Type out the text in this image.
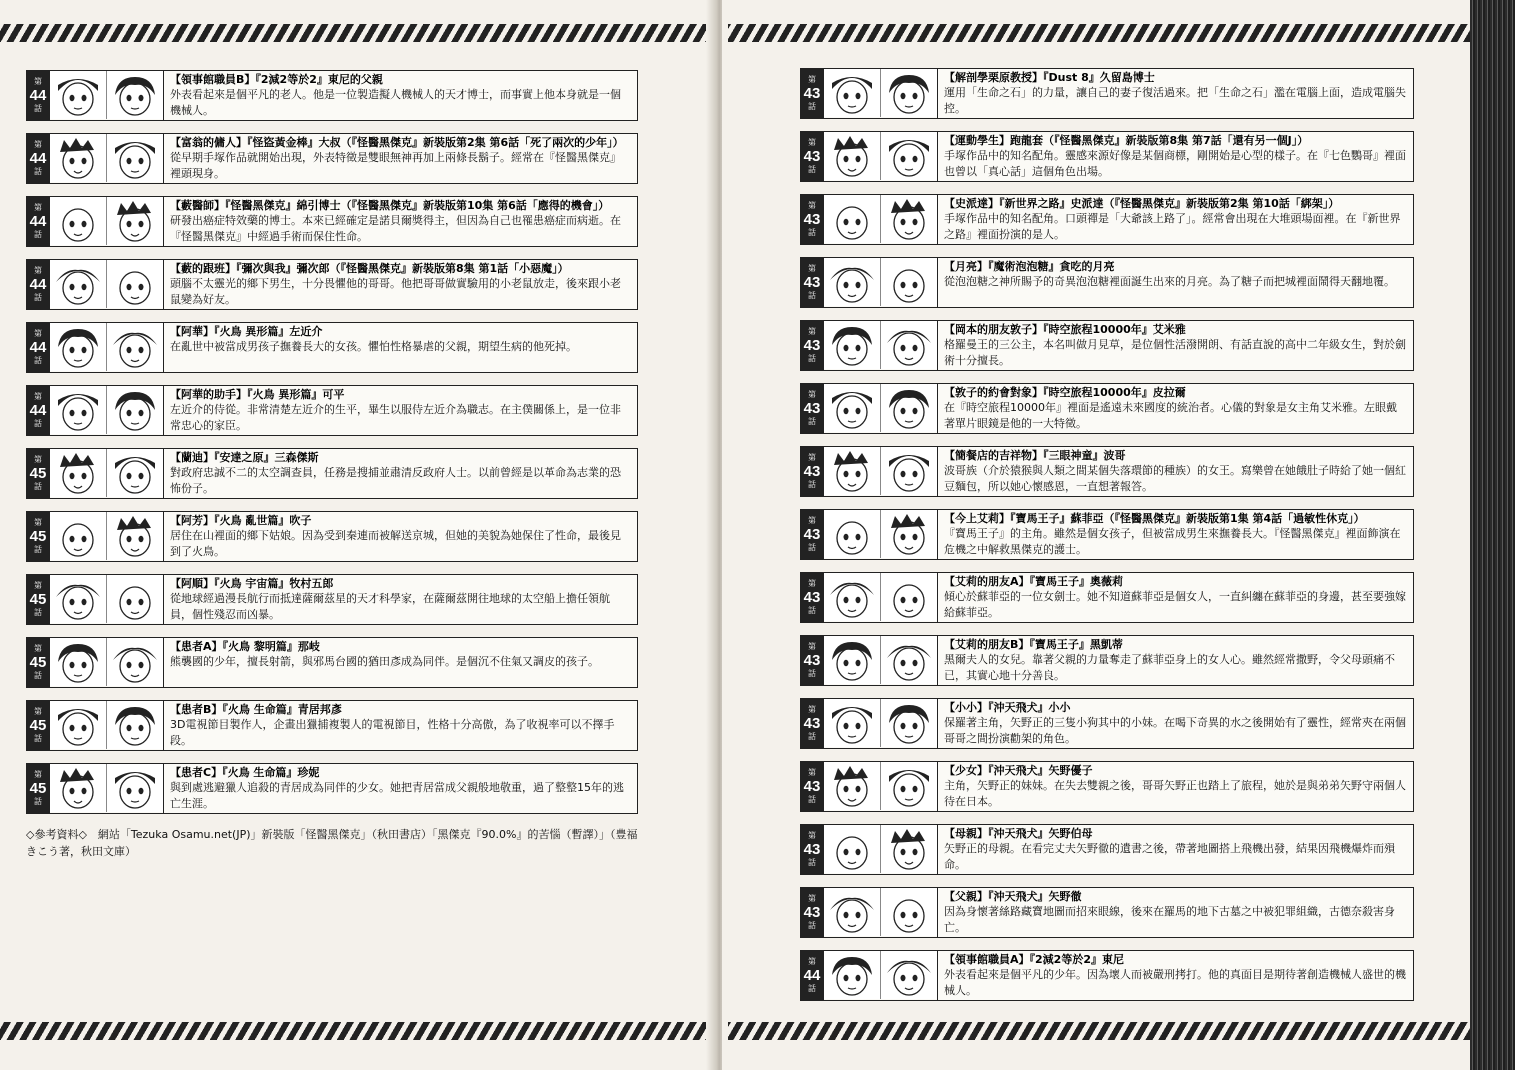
第
44
話
【領事館職員B】『2減2等於2』東尼的父親
外表看起來是個平凡的老人。他是一位製造擬人機械人的天才博士，而事實上他本身就是一個機械人。
第
44
話
【富翁的傭人】『怪盜黃金棒』大叔（『怪醫黑傑克』新裝版第2集 第6話「死了兩次的少年」）
從早期手塚作品就開始出現，外表特徵是雙眼無神再加上兩條長鬍子。經常在『怪醫黑傑克』裡頭現身。
第
44
話
【藪醫師】『怪醫黑傑克』綿引博士（『怪醫黑傑克』新裝版第10集 第6話「應得的機會」）
研發出癌症特效藥的博士。本來已經確定是諾貝爾獎得主，但因為自己也罹患癌症而病逝。在『怪醫黑傑克』中經過手術而保住性命。
第
44
話
【藪的跟班】『彌次與我』彌次郎（『怪醫黑傑克』新裝版第8集 第1話「小惡魔」）
頭腦不太靈光的鄉下男生，十分畏懼他的哥哥。他把哥哥做實驗用的小老鼠放走，後來跟小老鼠變為好友。
第
44
話
【阿華】『火鳥 異形篇』左近介
在亂世中被當成男孩子撫養長大的女孩。懼怕性格暴虐的父親，期望生病的他死掉。
第
44
話
【阿華的助手】『火鳥 異形篇』可平
左近介的侍從。非常清楚左近介的生平，畢生以服侍左近介為職志。在主僕關係上，是一位非常忠心的家臣。
第
45
話
【蘭迪】『安達之原』三森傑斯
對政府忠誠不二的太空調查員，任務是搜捕並肅清反政府人士。以前曾經是以革命為志業的恐怖份子。
第
45
話
【阿芳】『火鳥 亂世篇』吹子
居住在山裡面的鄉下姑娘。因為受到秦連而被解送京城，但她的美貌為她保住了性命，最後見到了火鳥。
第
45
話
【阿順】『火鳥 宇宙篇』牧村五郎
從地球經過漫長航行而抵達薩爾茲星的天才科學家，在薩爾茲開往地球的太空船上擔任領航員，個性殘忍而凶暴。
第
45
話
【患者A】『火鳥 黎明篇』那岐
熊襲國的少年，擅長射箭，與邪馬台國的猶田彥成為同伴。是個沉不住氣又調皮的孩子。
第
45
話
【患者B】『火鳥 生命篇』青居邦彥
3D電視節目製作人，企畫出獵捕複製人的電視節目，性格十分高傲，為了收視率可以不擇手段。
第
45
話
【患者C】『火鳥 生命篇』珍妮
與到處逃避獵人追殺的青居成為同伴的少女。她把青居當成父親般地敬重，過了整整15年的逃亡生涯。
◇參考資料◇　網站「Tezuka Osamu.net(JP)」新裝版「怪醫黑傑克」（秋田書店）「黑傑克『90.0%』的苦惱（暫譯）」（豊福きこう著，秋田文庫）
第
43
話
【解剖學栗原教授】『Dust 8』久留島博士
運用「生命之石」的力量，讓自己的妻子復活過來。把「生命之石」濫在電腦上面，造成電腦失控。
第
43
話
【運動學生】跑龍套（『怪醫黑傑克』新裝版第8集 第7話「還有另一個J」）
手塚作品中的知名配角。靈感來源好像是某個商標，剛開始是心型的樣子。在『七色鸚哥』裡面也曾以「真心話」這個角色出場。
第
43
話
【史派達】『新世界之路』史派達（『怪醫黑傑克』新裝版第2集 第10話「綁架」）
手塚作品中的知名配角。口頭禪是「大爺該上路了」。經常會出現在大堆頭場面裡。在『新世界之路』裡面扮演的是人。
第
43
話
【月亮】『魔術泡泡糖』貪吃的月亮
從泡泡糖之神所賜予的奇異泡泡糖裡面誕生出來的月亮。為了糖子而把城裡面鬧得天翻地覆。
第
43
話
【岡本的朋友敦子】『時空旅程10000年』艾米雅
格羅曼王的三公主，本名叫做月見草，是位個性活潑開朗、有話直說的高中二年級女生，對於劍術十分擅長。
第
43
話
【敦子的約會對象】『時空旅程10000年』皮拉爾
在『時空旅程10000年』裡面是遙遠未來國度的統治者。心儀的對象是女主角艾米雅。左眼戴著單片眼鏡是他的一大特徵。
第
43
話
【簡餐店的吉祥物】『三眼神童』波哥
波哥族（介於猿猴與人類之間某個失落環節的種族）的女王。寫樂曾在她餓肚子時給了她一個紅豆麵包，所以她心懷感恩，一直想著報答。
第
43
話
【今上艾莉】『寶馬王子』蘇菲亞（『怪醫黑傑克』新裝版第1集 第4話「過敏性休克」）
『寶馬王子』的主角。雖然是個女孩子，但被當成男生來撫養長大。『怪醫黑傑克』裡面飾演在危機之中解救黑傑克的護士。
第
43
話
【艾莉的朋友A】『寶馬王子』奧薇莉
傾心於蘇菲亞的一位女劍士。她不知道蘇菲亞是個女人，一直糾纏在蘇菲亞的身邊，甚至要強嫁給蘇菲亞。
第
43
話
【艾莉的朋友B】『寶馬王子』黑凱蒂
黑爾夫人的女兒。靠著父親的力量奪走了蘇菲亞身上的女人心。雖然經常撒野，令父母頭痛不已，其實心地十分善良。
第
43
話
【小小】『沖天飛犬』小小
保羅著主角，矢野正的三隻小狗其中的小妹。在喝下奇異的水之後開始有了靈性，經常夾在兩個哥哥之間扮演勸架的角色。
第
43
話
【少女】『沖天飛犬』矢野優子
主角，矢野正的妹妹。在失去雙親之後，哥哥矢野正也踏上了旅程，她於是與弟弟矢野守兩個人待在日本。
第
43
話
【母親】『沖天飛犬』矢野伯母
矢野正的母親。在看完丈夫矢野徹的遺書之後，帶著地圖搭上飛機出發，結果因飛機爆炸而殞命。
第
43
話
【父親】『沖天飛犬』矢野徹
因為身懷著絲路藏寶地圖而招來眼線，後來在羅馬的地下古墓之中被犯罪組織，古德奈殺害身亡。
第
44
話
【領事館職員A】『2減2等於2』東尼
外表看起來是個平凡的少年。因為壞人而被嚴刑拷打。他的真面目是期待著創造機械人盛世的機械人。
